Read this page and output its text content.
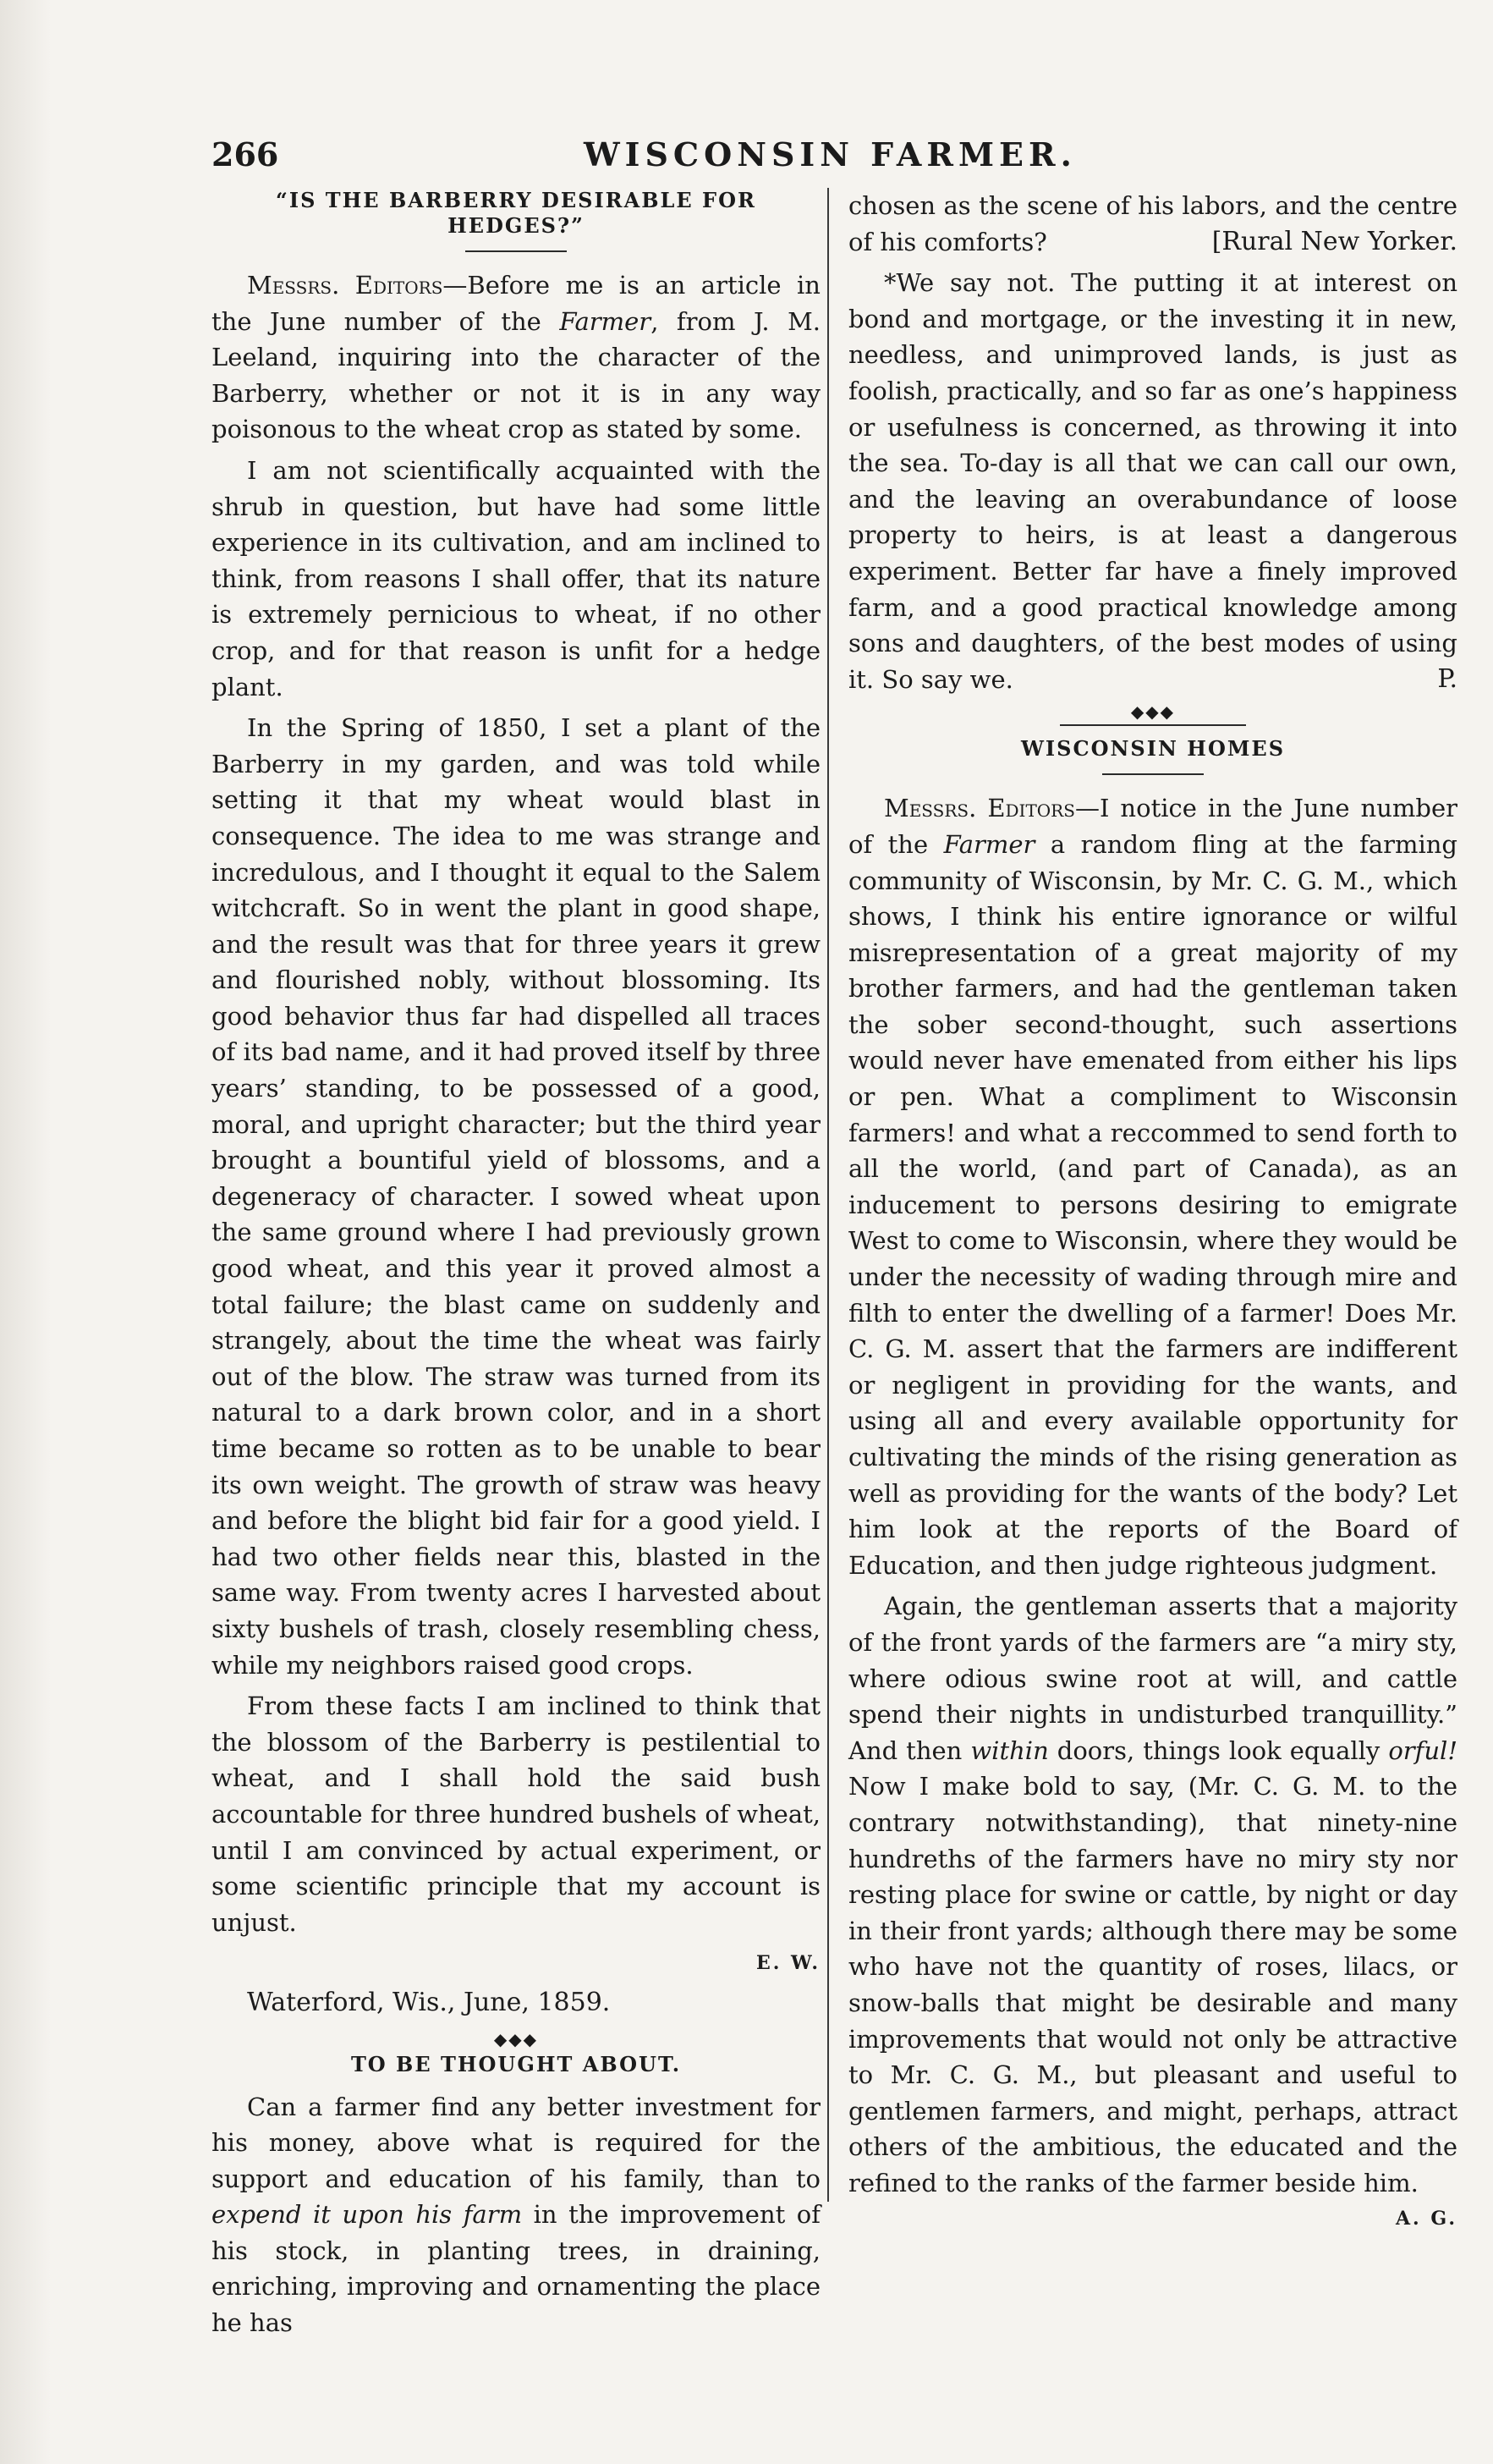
266	WISCONSIN FARMER.
“IS THE BARBERRY DESIRABLE FOR HEDGES?”

Messrs. Editors—Before me is an article in the June number of the Farmer, from J. M. Leeland, inquiring into the character of the Barberry, whether or not it is in any way poisonous to the wheat crop as stated by some.

I am not scientifically acquainted with the shrub in question, but have had some little experience in its cultivation, and am inclined to think, from reasons I shall offer, that its nature is extremely pernicious to wheat, if no other crop, and for that reason is unfit for a hedge plant.

In the Spring of 1850, I set a plant of the Barberry in my garden, and was told while setting it that my wheat would blast in consequence. The idea to me was strange and incredulous, and I thought it equal to the Salem witchcraft. So in went the plant in good shape, and the result was that for three years it grew and flourished nobly, without blossoming. Its good behavior thus far had dispelled all traces of its bad name, and it had proved itself by three years’ standing, to be possessed of a good, moral, and upright character; but the third year brought a bountiful yield of blossoms, and a degeneracy of character. I sowed wheat upon the same ground where I had previously grown good wheat, and this year it proved almost a total failure; the blast came on suddenly and strangely, about the time the wheat was fairly out of the blow. The straw was turned from its natural to a dark brown color, and in a short time became so rotten as to be unable to bear its own weight. The growth of straw was heavy and before the blight bid fair for a good yield. I had two other fields near this, blasted in the same way. From twenty acres I harvested about sixty bushels of trash, closely resembling chess, while my neighbors raised good crops.

From these facts I am inclined to think that the blossom of the Barberry is pestilential to wheat, and I shall hold the said bush accountable for three hundred bushels of wheat, until I am convinced by actual experiment, or some scientific principle that my account is unjust.

E. W.
Waterford, Wis., June, 1859.
◆◆◆
TO BE THOUGHT ABOUT.

Can a farmer find any better investment for his money, above what is required for the support and education of his family, than to expend it upon his farm in the improvement of his stock, in planting trees, in draining, enriching, improving and ornamenting the place he has

chosen as the scene of his labors, and the centre of his comforts?	[Rural New Yorker.

*We say not. The putting it at interest on bond and mortgage, or the investing it in new, needless, and unimproved lands, is just as foolish, practically, and so far as one’s happiness or usefulness is concerned, as throwing it into the sea. To-day is all that we can call our own, and the leaving an overabundance of loose property to heirs, is at least a dangerous experiment. Better far have a finely improved farm, and a good practical knowledge among sons and daughters, of the best modes of using it. So say we.	P.

◆◆◆
WISCONSIN HOMES

Messrs. Editors—I notice in the June number of the Farmer a random fling at the farming community of Wisconsin, by Mr. C. G. M., which shows, I think his entire ignorance or wilful misrepresentation of a great majority of my brother farmers, and had the gentleman taken the sober second-thought, such assertions would never have emenated from either his lips or pen. What a compliment to Wisconsin farmers! and what a reccommed to send forth to all the world, (and part of Canada), as an inducement to persons desiring to emigrate West to come to Wisconsin, where they would be under the necessity of wading through mire and filth to enter the dwelling of a farmer! Does Mr. C. G. M. assert that the farmers are indifferent or negligent in providing for the wants, and using all and every available opportunity for cultivating the minds of the rising generation as well as providing for the wants of the body? Let him look at the reports of the Board of Education, and then judge righteous judgment.

Again, the gentleman asserts that a majority of the front yards of the farmers are “a miry sty, where odious swine root at will, and cattle spend their nights in undisturbed tranquillity.” And then within doors, things look equally orful! Now I make bold to say, (Mr. C. G. M. to the contrary notwithstanding), that ninety-nine hundreths of the farmers have no miry sty nor resting place for swine or cattle, by night or day in their front yards; although there may be some who have not the quantity of roses, lilacs, or snow-balls that might be desirable and many improvements that would not only be attractive to Mr. C. G. M., but pleasant and useful to gentlemen farmers, and might, perhaps, attract others of the ambitious, the educated and the refined to the ranks of the farmer beside him.
A. G.
